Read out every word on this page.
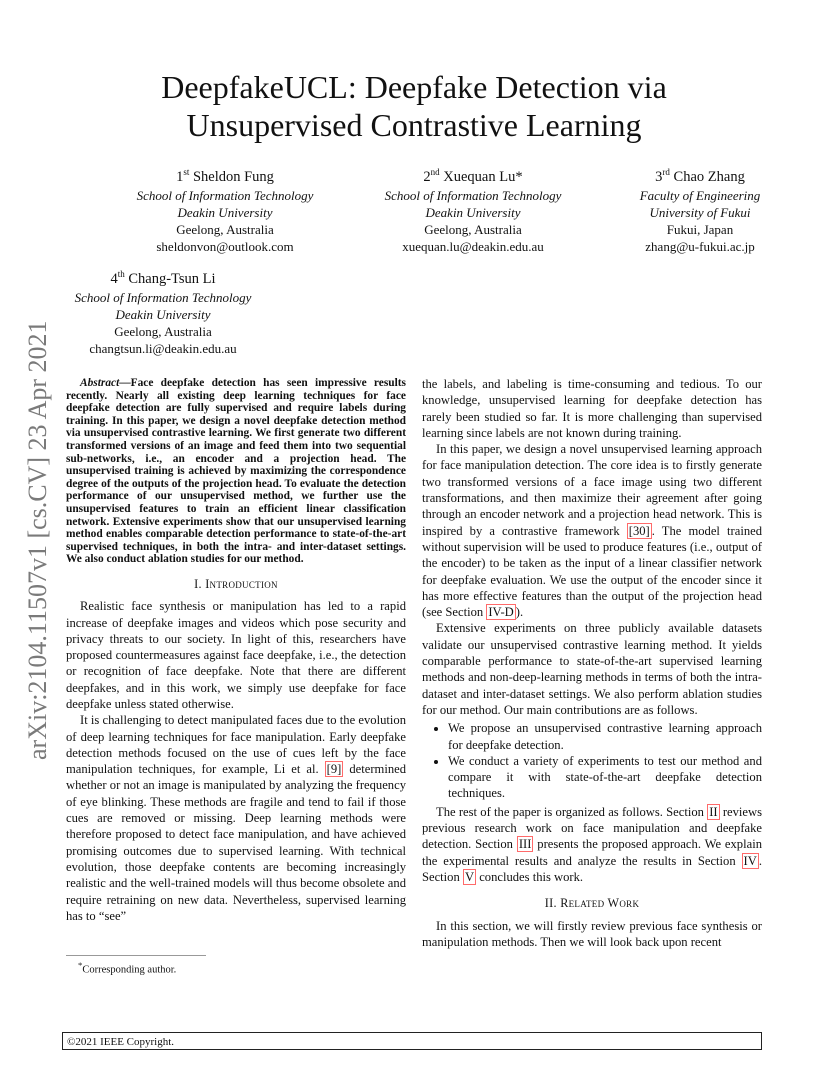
arXiv:2104.11507v1 [cs.CV] 23 Apr 2021
DeepfakeUCL: Deepfake Detection via
Unsupervised Contrastive Learning
1st Sheldon Fung
School of Information Technology
Deakin University
Geelong, Australia
sheldonvon@outlook.com
2nd Xuequan Lu*
School of Information Technology
Deakin University
Geelong, Australia
xuequan.lu@deakin.edu.au
3rd Chao Zhang
Faculty of Engineering
University of Fukui
Fukui, Japan
zhang@u-fukui.ac.jp
4th Chang-Tsun Li
School of Information Technology
Deakin University
Geelong, Australia
changtsun.li@deakin.edu.au

Abstract—Face deepfake detection has seen impressive results recently. Nearly all existing deep learning techniques for face deepfake detection are fully supervised and require labels during training. In this paper, we design a novel deepfake detection method via unsupervised contrastive learning. We first generate two different transformed versions of an image and feed them into two sequential sub-networks, i.e., an encoder and a projection head. The unsupervised training is achieved by maximizing the correspondence degree of the outputs of the projection head. To evaluate the detection performance of our unsupervised method, we further use the unsupervised features to train an efficient linear classification network. Extensive experiments show that our unsupervised learning method enables comparable detection performance to state-of-the-art supervised techniques, in both the intra- and inter-dataset settings. We also conduct ablation studies for our method.

I. Introduction

Realistic face synthesis or manipulation has led to a rapid increase of deepfake images and videos which pose security and privacy threats to our society. In light of this, researchers have proposed countermeasures against face deepfake, i.e., the detection or recognition of face deepfake. Note that there are different deepfakes, and in this work, we simply use deepfake for face deepfake unless stated otherwise.

It is challenging to detect manipulated faces due to the evolution of deep learning techniques for face manipulation. Early deepfake detection methods focused on the use of cues left by the face manipulation techniques, for example, Li et al. [9] determined whether or not an image is manipulated by analyzing the frequency of eye blinking. These methods are fragile and tend to fail if those cues are removed or missing. Deep learning methods were therefore proposed to detect face manipulation, and have achieved promising outcomes due to supervised learning. With technical evolution, those deepfake contents are becoming increasingly realistic and the well-trained models will thus become obsolete and require retraining on new data. Nevertheless, supervised learning has to “see”

*Corresponding author.

the labels, and labeling is time-consuming and tedious. To our knowledge, unsupervised learning for deepfake detection has rarely been studied so far. It is more challenging than supervised learning since labels are not known during training.

In this paper, we design a novel unsupervised learning approach for face manipulation detection. The core idea is to firstly generate two transformed versions of a face image using two different transformations, and then maximize their agreement after going through an encoder network and a projection head network. This is inspired by a contrastive framework [30] . The model trained without supervision will be used to produce features (i.e., output of the encoder) to be taken as the input of a linear classifier network for deepfake evaluation. We use the output of the encoder since it has more effective features than the output of the projection head (see Section IV-D ).

Extensive experiments on three publicly available datasets validate our unsupervised contrastive learning method. It yields comparable performance to state-of-the-art supervised learning methods and non-deep-learning methods in terms of both the intra-dataset and inter-dataset settings. We also perform ablation studies for our method. Our main contributions are as follows.

• We propose an unsupervised contrastive learning approach for deepfake detection.
• We conduct a variety of experiments to test our method and compare it with state-of-the-art deepfake detection techniques.

The rest of the paper is organized as follows. Section II reviews previous research work on face manipulation and deepfake detection. Section III presents the proposed approach. We explain the experimental results and analyze the results in Section IV . Section V concludes this work.

II. Related Work

In this section, we will firstly review previous face synthesis or manipulation methods. Then we will look back upon recent

©2021 IEEE Copyright.
